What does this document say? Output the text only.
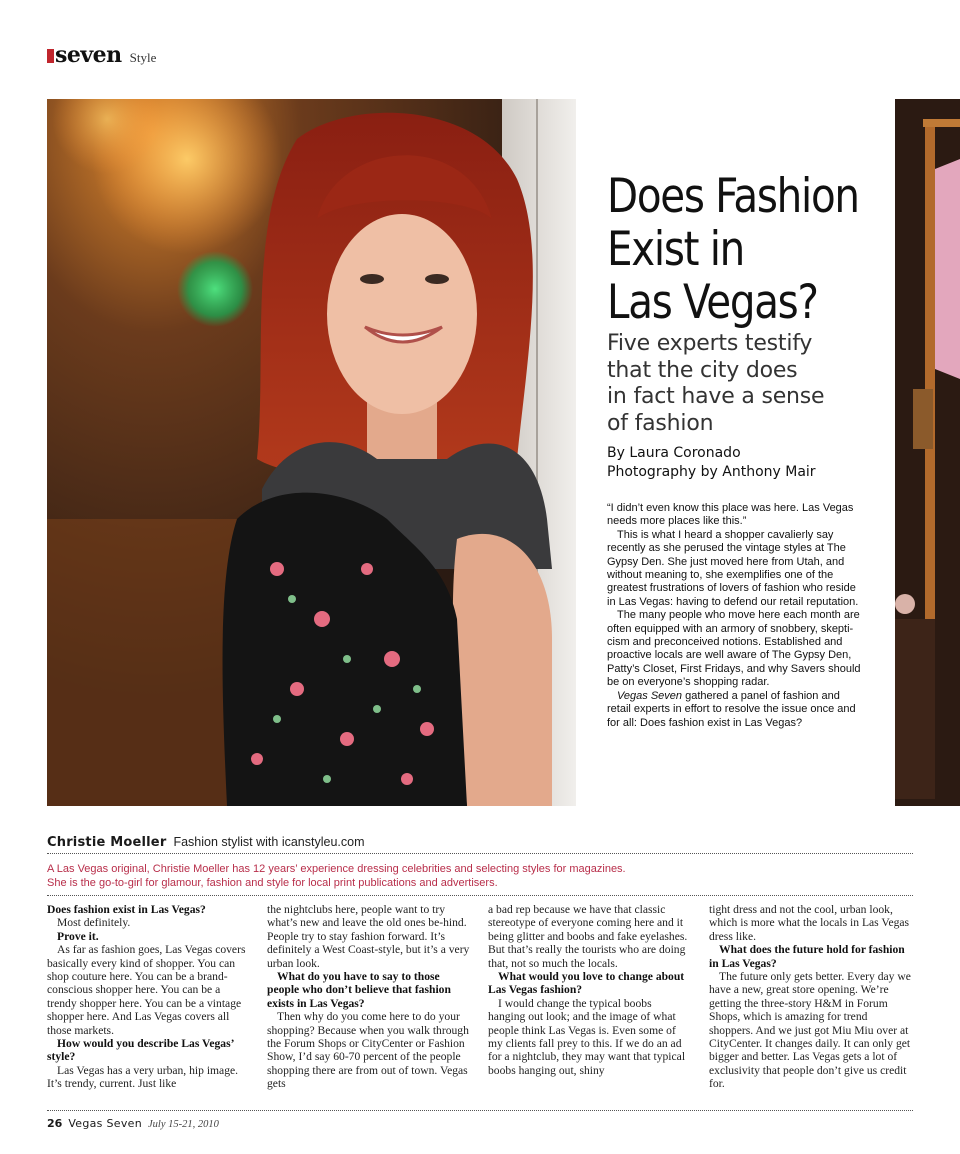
seven Style
Does Fashion
Exist in
Las Vegas?
Five experts testify
that the city does
in fact have a sense
of fashion
By Laura Coronado
Photography by Anthony Mair

“I didn’t even know this place was here. Las Vegas needs more places like this.”

This is what I heard a shopper cavalierly say recently as she perused the vintage styles at The Gypsy Den. She just moved here from Utah, and without meaning to, she exemplifies one of the greatest frustrations of lovers of fashion who reside in Las Vegas: having to defend our retail reputation.

The many people who move here each month are often equipped with an armory of snobbery, skepti-cism and preconceived notions. Established and proactive locals are well aware of The Gypsy Den, Patty’s Closet, First Fridays, and why Savers should be on everyone’s shopping radar.

Vegas Seven gathered a panel of fashion and retail experts in effort to resolve the issue once and for all: Does fashion exist in Las Vegas?

Christie Moeller Fashion stylist with icanstyleu.com
A Las Vegas original, Christie Moeller has 12 years’ experience dressing celebrities and selecting styles for magazines.
She is the go-to-girl for glamour, fashion and style for local print publications and advertisers.

Does fashion exist in Las Vegas?

Most definitely.

Prove it.

As far as fashion goes, Las Vegas covers basically every kind of shopper. You can shop couture here. You can be a brand-conscious shopper here. You can be a trendy shopper here. You can be a vintage shopper here. And Las Vegas covers all those markets.

How would you describe Las Vegas’ style?

Las Vegas has a very urban, hip image. It’s trendy, current. Just like

the nightclubs here, people want to try what’s new and leave the old ones be-hind. People try to stay fashion forward. It’s definitely a West Coast-style, but it’s a very urban look.

What do you have to say to those people who don’t believe that fashion exists in Las Vegas?

Then why do you come here to do your shopping? Because when you walk through the Forum Shops or CityCenter or Fashion Show, I’d say 60-70 percent of the people shopping there are from out of town. Vegas gets

a bad rep because we have that classic stereotype of everyone coming here and it being glitter and boobs and fake eyelashes. But that’s really the tourists who are doing that, not so much the locals.

What would you love to change about Las Vegas fashion?

I would change the typical boobs hanging out look; and the image of what people think Las Vegas is. Even some of my clients fall prey to this. If we do an ad for a nightclub, they may want that typical boobs hanging out, shiny

tight dress and not the cool, urban look, which is more what the locals in Las Vegas dress like.

What does the future hold for fashion in Las Vegas?

The future only gets better. Every day we have a new, great store opening. We’re getting the three-story H&M in Forum Shops, which is amazing for trend shoppers. And we just got Miu Miu over at CityCenter. It changes daily. It can only get bigger and better. Las Vegas gets a lot of exclusivity that people don’t give us credit for.

26 Vegas Seven July 15-21, 2010
